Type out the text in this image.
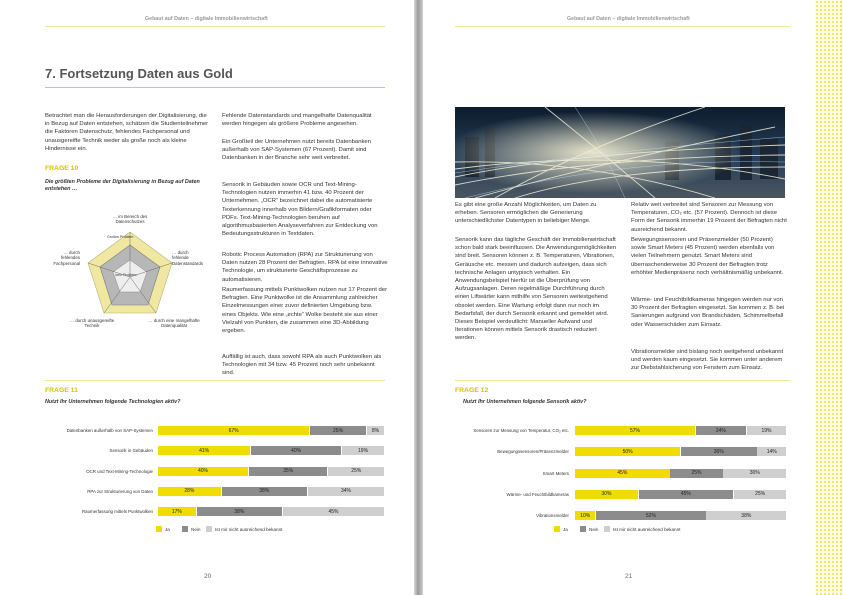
Gebaut auf Daten – digitale Immobilienwirtschaft
7. Fortsetzung Daten aus Gold

Betrachtet man die Herausforderungen der Digitalisierung, die in Bezug auf Daten entstehen, schätzen die Studienteilnehmer die Faktoren Datenschutz, fehlendes Fachpersonal und unausgereifte Technik weder als große noch als kleine Hindernisse ein.

Fehlende Datenstandards und mangelhafte Datenqualität werden hingegen als größere Probleme angesehen.

Ein Großteil der Unternehmen nutzt bereits Datenbanken außerhalb von SAP-Systemen (67 Prozent). Damit sind Datenbanken in der Branche sehr weit verbreitet.

Sensorik in Gebäuden sowie OCR und Text-Mining-Technologien nutzen immerhin 41 bzw. 40 Prozent der Unternehmen. „OCR“ bezeichnet dabei die automatisierte Texterkennung innerhalb von Bildern/Grafikformaten oder PDFs. Text-Mining-Technologien beruhen auf algorithmusbasierten Analyseverfahren zur Entdeckung von Bedeutungsstrukturen in Textdaten.

Robotic Process Automation (RPA) zur Strukturierung von Daten nutzen 28 Prozent der Befragten. RPA ist eine innovative Technologie, um strukturierte Geschäftsprozesse zu automatisieren.

Raumerfassung mittels Punktwolken nutzen nur 17 Prozent der Befragten. Eine Punktwolke ist die Ansammlung zahlreicher Einzelmessungen einer zuvor definierten Umgebung bzw. eines Objekts. Wie eine „echte“ Wolke besteht sie aus einer Vielzahl von Punkten, die zusammen eine 3D-Abbildung ergeben.

Auffällig ist auch, dass sowohl RPA als auch Punktwolken als Technologien mit 34 bzw. 45 Prozent noch sehr unbekannt sind.

FRAGE 10
Die größten Probleme der Digitalisierung in Bezug auf Daten entstehen …
Großes Problem
kein Problem
… im Bereich des Datenschutzes
… durch fehlende Datenstandards
… durch eine mangelhafte Datenqualität
… durch unausgereifte Technik
… durch fehlendes Fachpersonal
FRAGE 11
Nutzt Ihr Unternehmen folgende Technologien aktiv?
20
Gebaut auf Daten – digitale Immobilienwirtschaft
21

Es gibt eine große Anzahl Möglichkeiten, um Daten zu erheben. Sensoren ermöglichen die Generierung unterschiedlichster Datentypen in beliebiger Menge.

Sensorik kann das tägliche Geschäft der Immobilienwirtschaft schon bald stark beeinflussen. Die Anwendungsmöglichkeiten sind breit. Sensoren können z. B. Temperaturen, Vibrationen, Geräusche etc. messen und dadurch aufzeigen, dass sich technische Anlagen untypisch verhalten. Ein Anwendungsbeispiel hierfür ist die Überprüfung von Aufzugsanlagen. Deren regelmäßige Durchführung durch einen Liftwärter kann mithilfe von Sensoren weitestgehend obsolet werden. Eine Wartung erfolgt dann nur noch im Bedarfsfall, der durch Sensorik erkannt und gemeldet wird. Dieses Beispiel verdeutlicht: Manueller Aufwand und Iterationen können mittels Sensorik drastisch reduziert werden.

Relativ weit verbreitet sind Sensoren zur Messung von Temperaturen, CO₂ etc. (57 Prozent). Dennoch ist diese Form der Sensorik immerhin 19 Prozent der Befragten nicht ausreichend bekannt.

Bewegungssensoren und Präsenzmelder (50 Prozent) sowie Smart Meters (45 Prozent) werden ebenfalls von vielen Teilnehmern genutzt. Smart Meters sind überraschenderweise 30 Prozent der Befragten trotz erhöhter Medienpräsenz noch verhältnismäßig unbekannt.

Wärme- und Feuchtbildkameras hingegen werden nur von 30 Prozent der Befragten eingesetzt. Sie kommen z. B. bei Sanierungen aufgrund von Brandschäden, Schimmelbefall oder Wasserschäden zum Einsatz.

Vibrationsmelder sind bislang noch weitgehend unbekannt und werden kaum eingesetzt. Sie kommen unter anderem zur Diebstahlsicherung von Fenstern zum Einsatz.

FRAGE 12
Nutzt Ihr Unternehmen folgende Sensorik aktiv?
Datenbanken außerhalb von SAP-Systemen	67%	25%	8%
Sensorik in Gebäuden	41%	40%	19%
OCR und Text-Mining-Technologie	40%	35%	25%
RPA zur Strukturierung von Daten	28%	38%	34%
Raumerfassung mittels Punktwolken	17%	38%	45%
Ja	Nein	Ist mir nicht ausreichend bekannt
Sensoren zur Messung von Temperatur, CO₂ etc.	57%	24%	19%
Bewegungssensoren/Präsenzmelder	50%	36%	14%
Smart Meters	45%	25%	30%
Wärme- und Feuchtbildkameras	30%	45%	25%
Vibrationsmelder	10%	52%	38%
Ja	Nein	Ist mir nicht ausreichend bekannt
